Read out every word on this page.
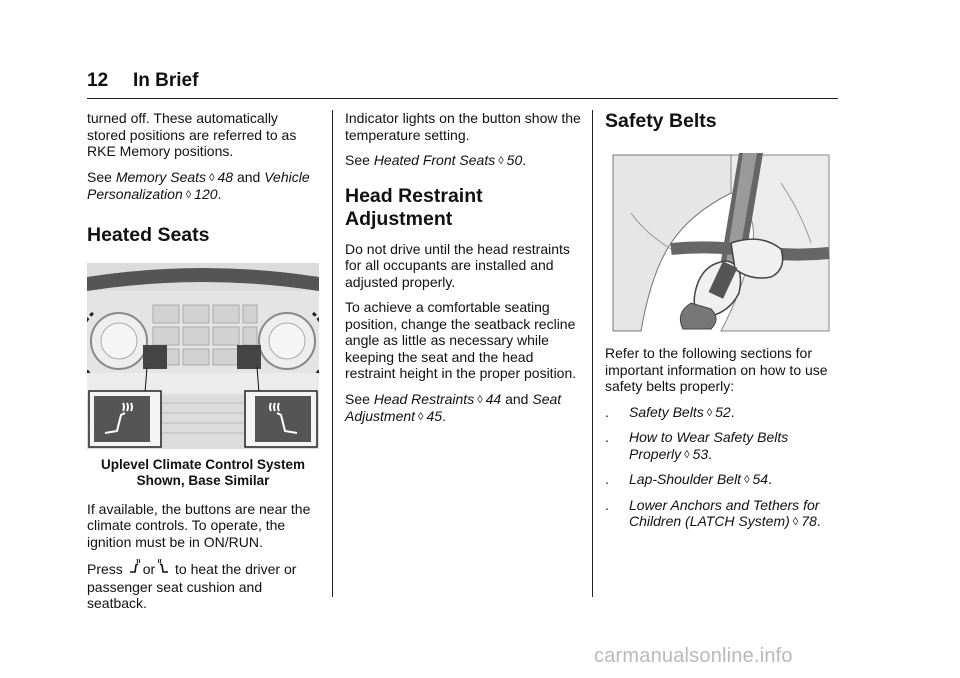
12	In Brief

turned off. These automatically stored positions are referred to as RKE Memory positions.

See Memory Seats ◊ 48 and Vehicle Personalization ◊ 120.

Heated Seats
Uplevel Climate Control System Shown, Base Similar

If available, the buttons are near the climate controls. To operate, the ignition must be in ON/RUN.

Press or to heat the driver or passenger seat cushion and seatback.

Indicator lights on the button show the temperature setting.

See Heated Front Seats ◊ 50.

Head Restraint Adjustment

Do not drive until the head restraints for all occupants are installed and adjusted properly.

To achieve a comfortable seating position, change the seatback recline angle as little as necessary while keeping the seat and the head restraint height in the proper position.

See Head Restraints ◊ 44 and Seat Adjustment ◊ 45.

Safety Belts

Refer to the following sections for important information on how to use safety belts properly:

.	Safety Belts ◊ 52.
.	How to Wear Safety Belts Properly ◊ 53.
.	Lap-Shoulder Belt ◊ 54.
.	Lower Anchors and Tethers for Children (LATCH System) ◊ 78.
carmanualsonline.info
